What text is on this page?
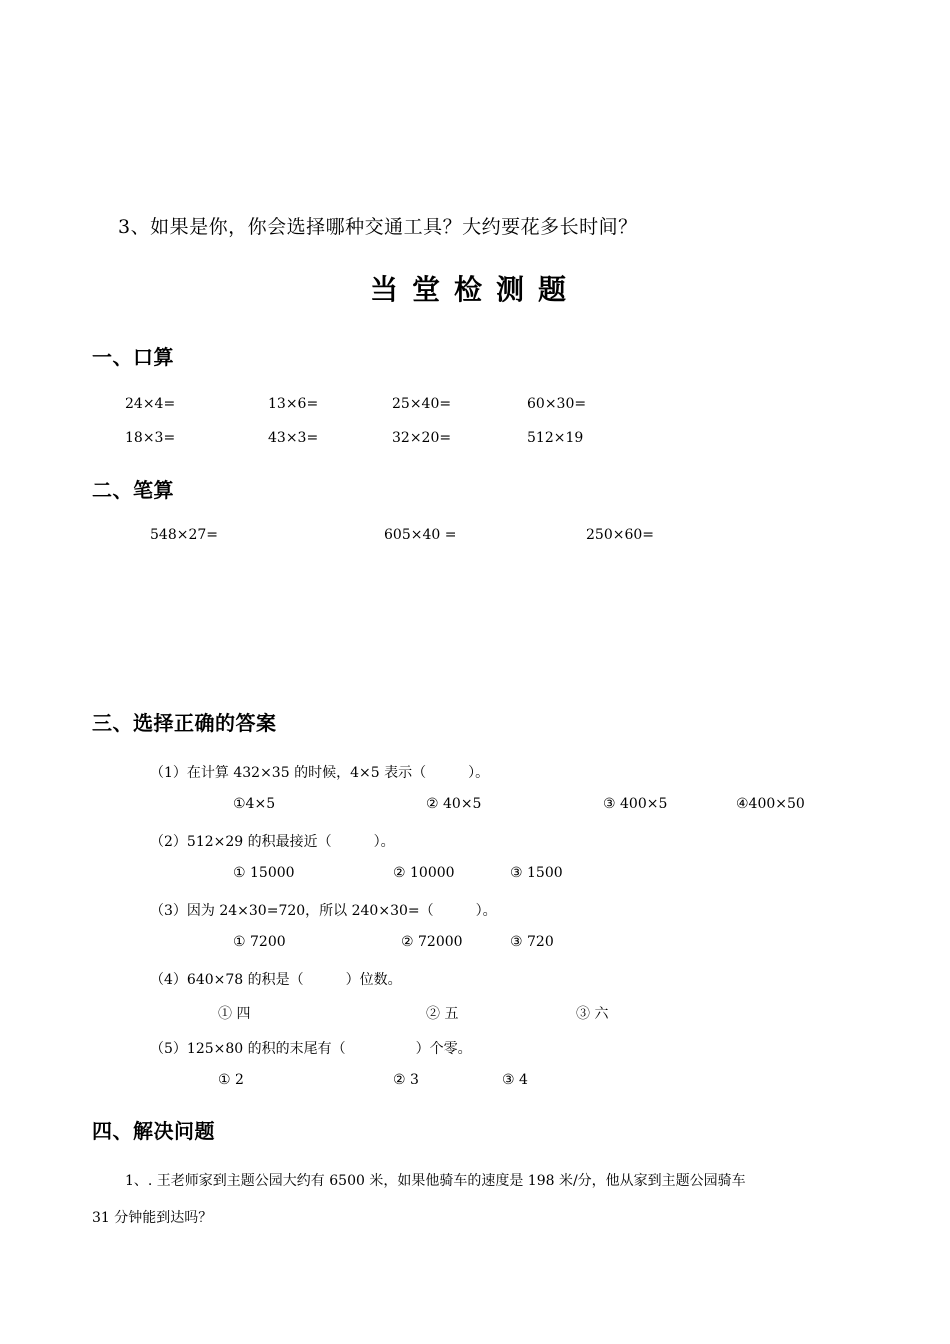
3、如果是你，你会选择哪种交通工具？大约要花多长时间？
当堂检测题
一、口算
24×4=	13×6=	25×40=	60×30=
18×3=	43×3=	32×20=	512×19
二、笔算
548×27=	605×40 =	250×60=
三、选择正确的答案
（1）在计算 432×35 的时候，4×5 表示（　　　）。
①4×5	② 40×5	③ 400×5	④400×50
（2）512×29 的积最接近（　　　）。
① 15000	② 10000	③ 1500
（3）因为 24×30=720，所以 240×30=（　　　）。
① 7200	② 72000	③ 720
（4）640×78 的积是（　　　）位数。
① 四	② 五	③ 六
（5）125×80 的积的末尾有（　　　　　）个零。
① 2	② 3	③ 4
四、解决问题
1、. 王老师家到主题公园大约有 6500 米，如果他骑车的速度是 198 米/分，他从家到主题公园骑车
31 分钟能到达吗？
